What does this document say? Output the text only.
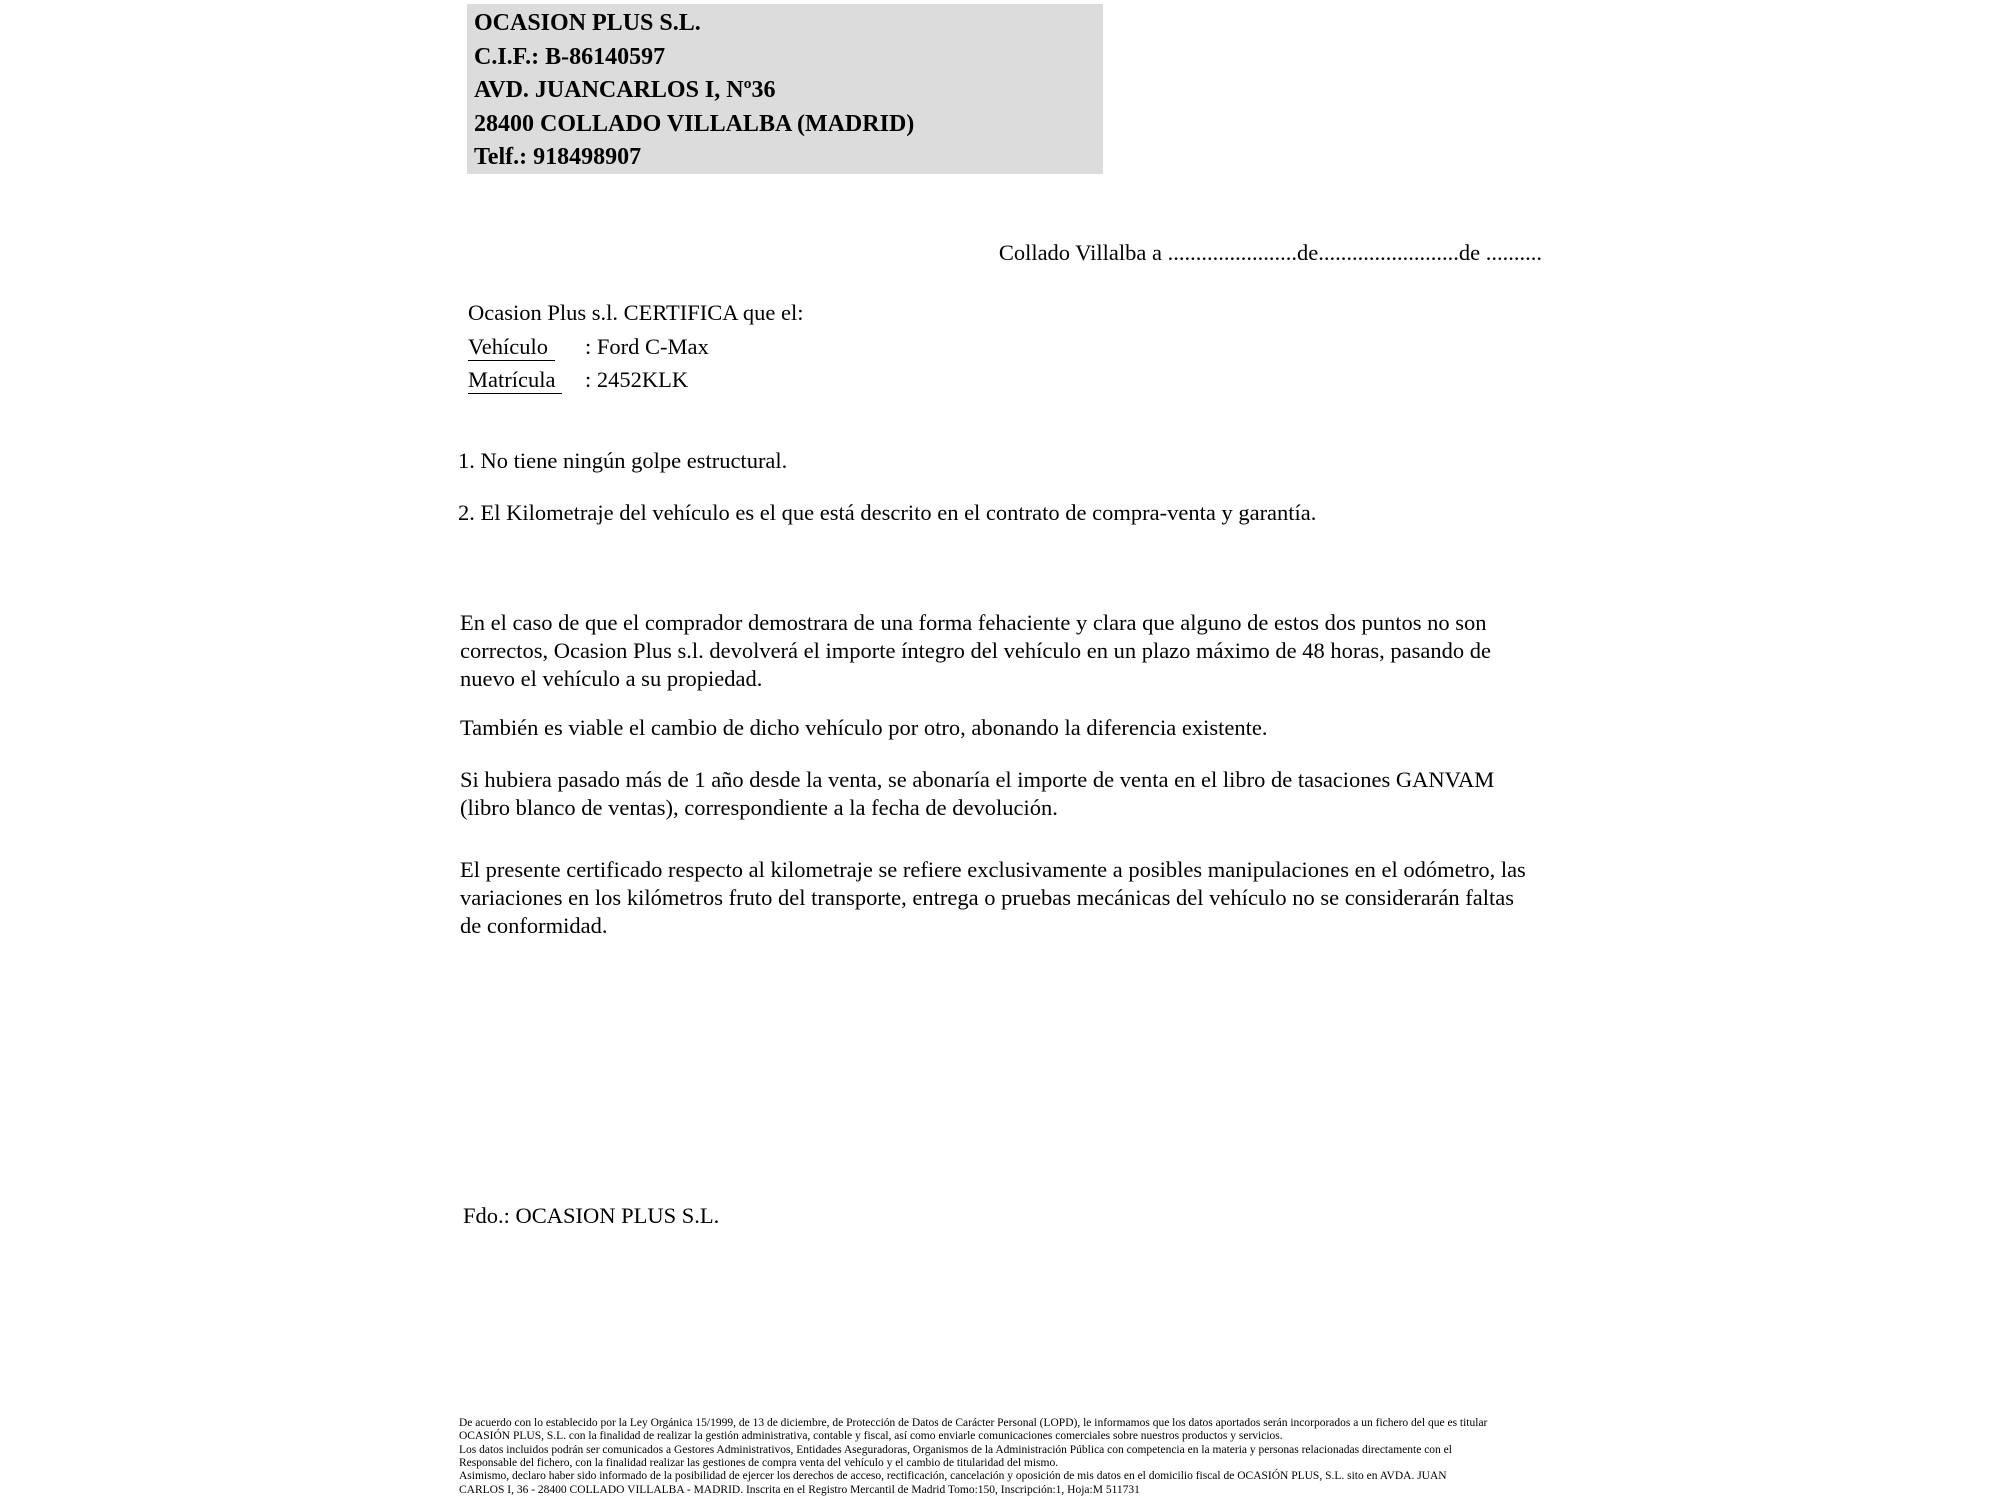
OCASION PLUS S.L.
C.I.F.: B-86140597
AVD. JUANCARLOS I, Nº36
28400 COLLADO VILLALBA (MADRID)
Telf.: 918498907
Collado Villalba a .......................de.........................de ..........
Ocasion Plus s.l. CERTIFICA que el:
Vehículo : Ford C-Max
Matrícula : 2452KLK
1. No tiene ningún golpe estructural.
2. El Kilometraje del vehículo es el que está descrito en el contrato de compra-venta y garantía.
En el caso de que el comprador demostrara de una forma fehaciente y clara que alguno de estos dos puntos no son correctos, Ocasion Plus s.l. devolverá el importe íntegro del vehículo en un plazo máximo de 48 horas, pasando de nuevo el vehículo a su propiedad.
También es viable el cambio de dicho vehículo por otro, abonando la diferencia existente.
Si hubiera pasado más de 1 año desde la venta, se abonaría el importe de venta en el libro de tasaciones GANVAM (libro blanco de ventas), correspondiente a la fecha de devolución.
El presente certificado respecto al kilometraje se refiere exclusivamente a posibles manipulaciones en el odómetro, las variaciones en los kilómetros fruto del transporte, entrega o pruebas mecánicas del vehículo no se considerarán faltas de conformidad.
Fdo.: OCASION PLUS S.L.
De acuerdo con lo establecido por la Ley Orgánica 15/1999, de 13 de diciembre, de Protección de Datos de Carácter Personal (LOPD), le informamos que los datos aportados serán incorporados a un fichero del que es titular
OCASIÓN PLUS, S.L. con la finalidad de realizar la gestión administrativa, contable y fiscal, así como enviarle comunicaciones comerciales sobre nuestros productos y servicios.
Los datos incluidos podrán ser comunicados a Gestores Administrativos, Entidades Aseguradoras, Organismos de la Administración Pública con competencia en la materia y personas relacionadas directamente con el
Responsable del fichero, con la finalidad realizar las gestiones de compra venta del vehículo y el cambio de titularidad del mismo.
Asimismo, declaro haber sido informado de la posibilidad de ejercer los derechos de acceso, rectificación, cancelación y oposición de mis datos en el domicilio fiscal de OCASIÓN PLUS, S.L. sito en AVDA. JUAN
CARLOS I, 36 - 28400 COLLADO VILLALBA - MADRID. Inscrita en el Registro Mercantil de Madrid Tomo:150, Inscripción:1, Hoja:M 511731
